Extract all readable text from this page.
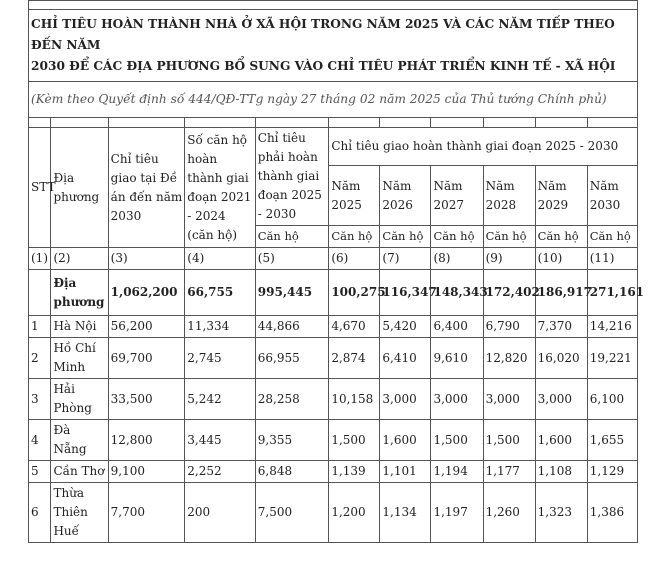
CHỈ TIÊU HOÀN THÀNH NHÀ Ở XÃ HỘI TRONG NĂM 2025 VÀ CÁC NĂM TIẾP THEO ĐẾN NĂM
2030 ĐỂ CÁC ĐỊA PHƯƠNG BỔ SUNG VÀO CHỈ TIÊU PHÁT TRIỂN KINH TẾ - XÃ HỘI										
(Kèm theo Quyết định số 444/QĐ-TTg ngày 27 tháng 02 năm 2025 của Thủ tướng Chính phủ)										

STT	Địa phương	Chỉ tiêu giao tại Đề án đến năm 2030	Số căn hộ hoàn thành giai đoạn 2021 - 2024 (căn hộ)	Chỉ tiêu phải hoàn thành giai đoạn 2025 - 2030	Chỉ tiêu giao hoàn thành giai đoạn 2025 - 2030					
					Năm 2025	Năm 2026	Năm 2027	Năm 2028	Năm 2029	Năm 2030
				Căn hộ	Căn hộ	Căn hộ	Căn hộ	Căn hộ	Căn hộ	Căn hộ
(1)	(2)	(3)	(4)	(5)	(6)	(7)	(8)	(9)	(10)	(11)
	Địa phương	1,062,200	66,755	995,445	100,275	116,347	148,343	172,402	186,917	271,161
1	Hà Nội	56,200	11,334	44,866	4,670	5,420	6,400	6,790	7,370	14,216
2	Hồ Chí Minh	69,700	2,745	66,955	2,874	6,410	9,610	12,820	16,020	19,221
3	Hải Phòng	33,500	5,242	28,258	10,158	3,000	3,000	3,000	3,000	6,100
4	Đà Nẵng	12,800	3,445	9,355	1,500	1,600	1,500	1,500	1,600	1,655
5	Cần Thơ	9,100	2,252	6,848	1,139	1,101	1,194	1,177	1,108	1,129
6	Thừa Thiên Huế	7,700	200	7,500	1,200	1,134	1,197	1,260	1,323	1,386
